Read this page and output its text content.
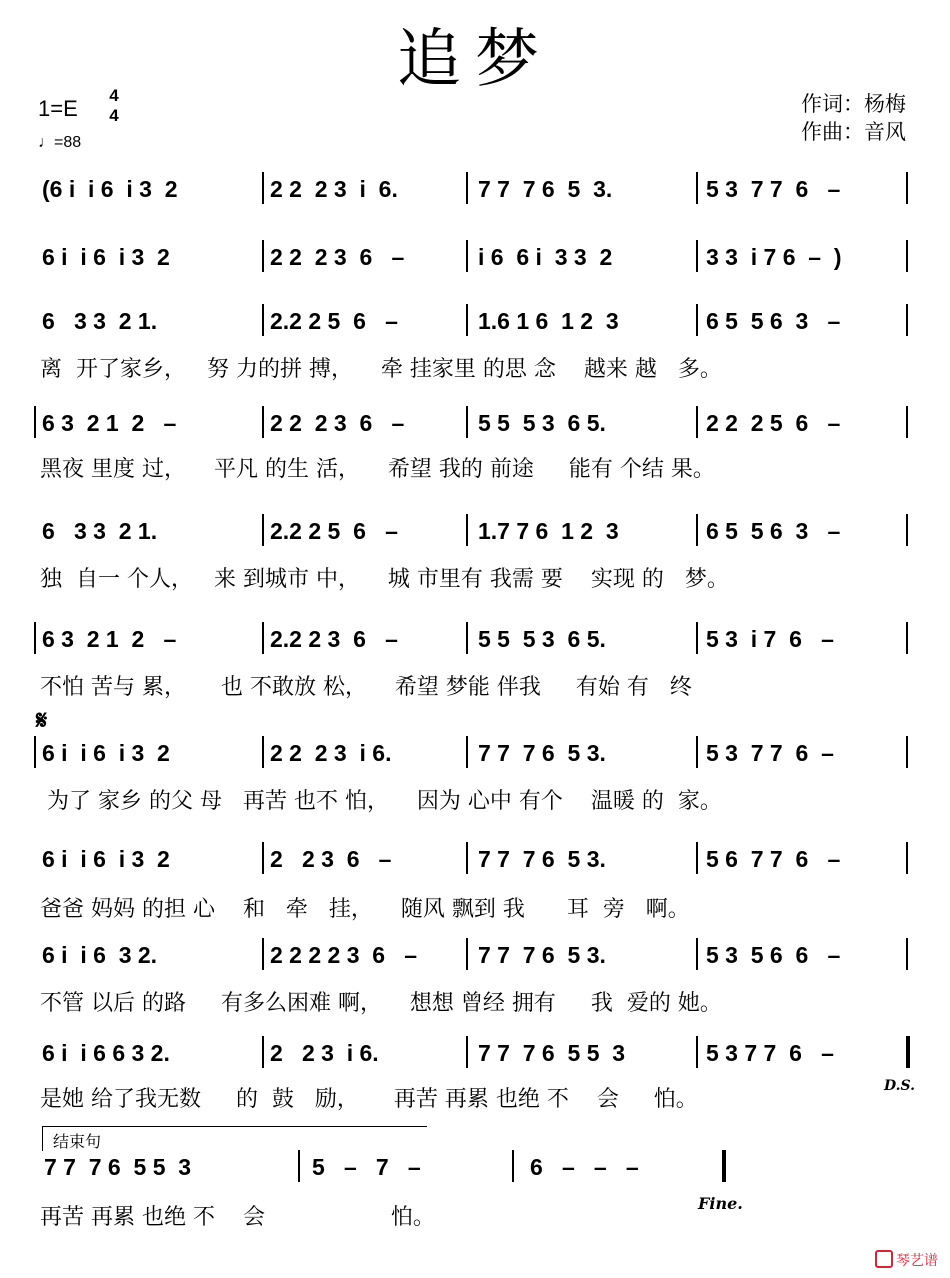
追梦
1=E
4
4
♩=88
作词：杨梅
作曲：音风
(6 i  i 6  i 3  2	2 2  2 3  i  6.	7 7  7 6  5  3.	5 3  7 7  6   –
6 i  i 6  i 3  2	2 2  2 3  6   –	i 6  6 i  3 3  2	3 3  i 7 6  –  )
6   3 3  2 1.	2.2 2 5  6   –	1.6 1 6  1 2  3	6 5  5 6  3   –
离  开了家乡，   努 力的拼 搏，    牵 挂家里 的思 念    越来 越   多。
6 3  2 1  2   –	2 2  2 3  6   –	5 5  5 3  6 5.	2 2  2 5  6   –
黑夜 里度 过，    平凡 的生 活，    希望 我的 前途     能有 个结 果。
6   3 3  2 1.	2.2 2 5  6   –	1.7 7 6  1 2  3	6 5  5 6  3   –
独  自一 个人，   来 到城市 中，    城 市里有 我需 要    实现 的   梦。
6 3  2 1  2   –	2.2 2 3  6   –	5 5  5 3  6 5.	5 3  i 7  6   –
不怕 苦与 累，     也 不敢放 松，    希望 梦能 伴我     有始 有   终
6 i  i 6  i 3  2	2 2  2 3  i 6.	7 7  7 6  5 3.	5 3  7 7  6  –
为了 家乡 的父 母   再苦 也不 怕，    因为 心中 有个    温暖 的  家。
6 i  i 6  i 3  2	2   2 3  6   –	7 7  7 6  5 3.	5 6  7 7  6   –
爸爸 妈妈 的担 心    和   牵   挂，    随风 飘到 我      耳  旁   啊。
6 i  i 6  3 2.	2 2 2 2 3  6   –	7 7  7 6  5 3.	5 3  5 6  6   –
不管 以后 的路     有多么困难 啊，    想想 曾经 拥有     我  爱的 她。
6 i  i 6 6 3 2.	2   2 3  i 6.	7 7  7 6  5 5  3	5 3 7 7  6   –
是她 给了我无数     的  鼓   励，     再苦 再累 也绝 不    会     怕。
7 7  7 6  5 5  3	5   –   7   –	6   –   –   –
再苦 再累 也绝 不    会                  怕。
𝄋
D.S.
结束句
Fine.
琴艺谱
